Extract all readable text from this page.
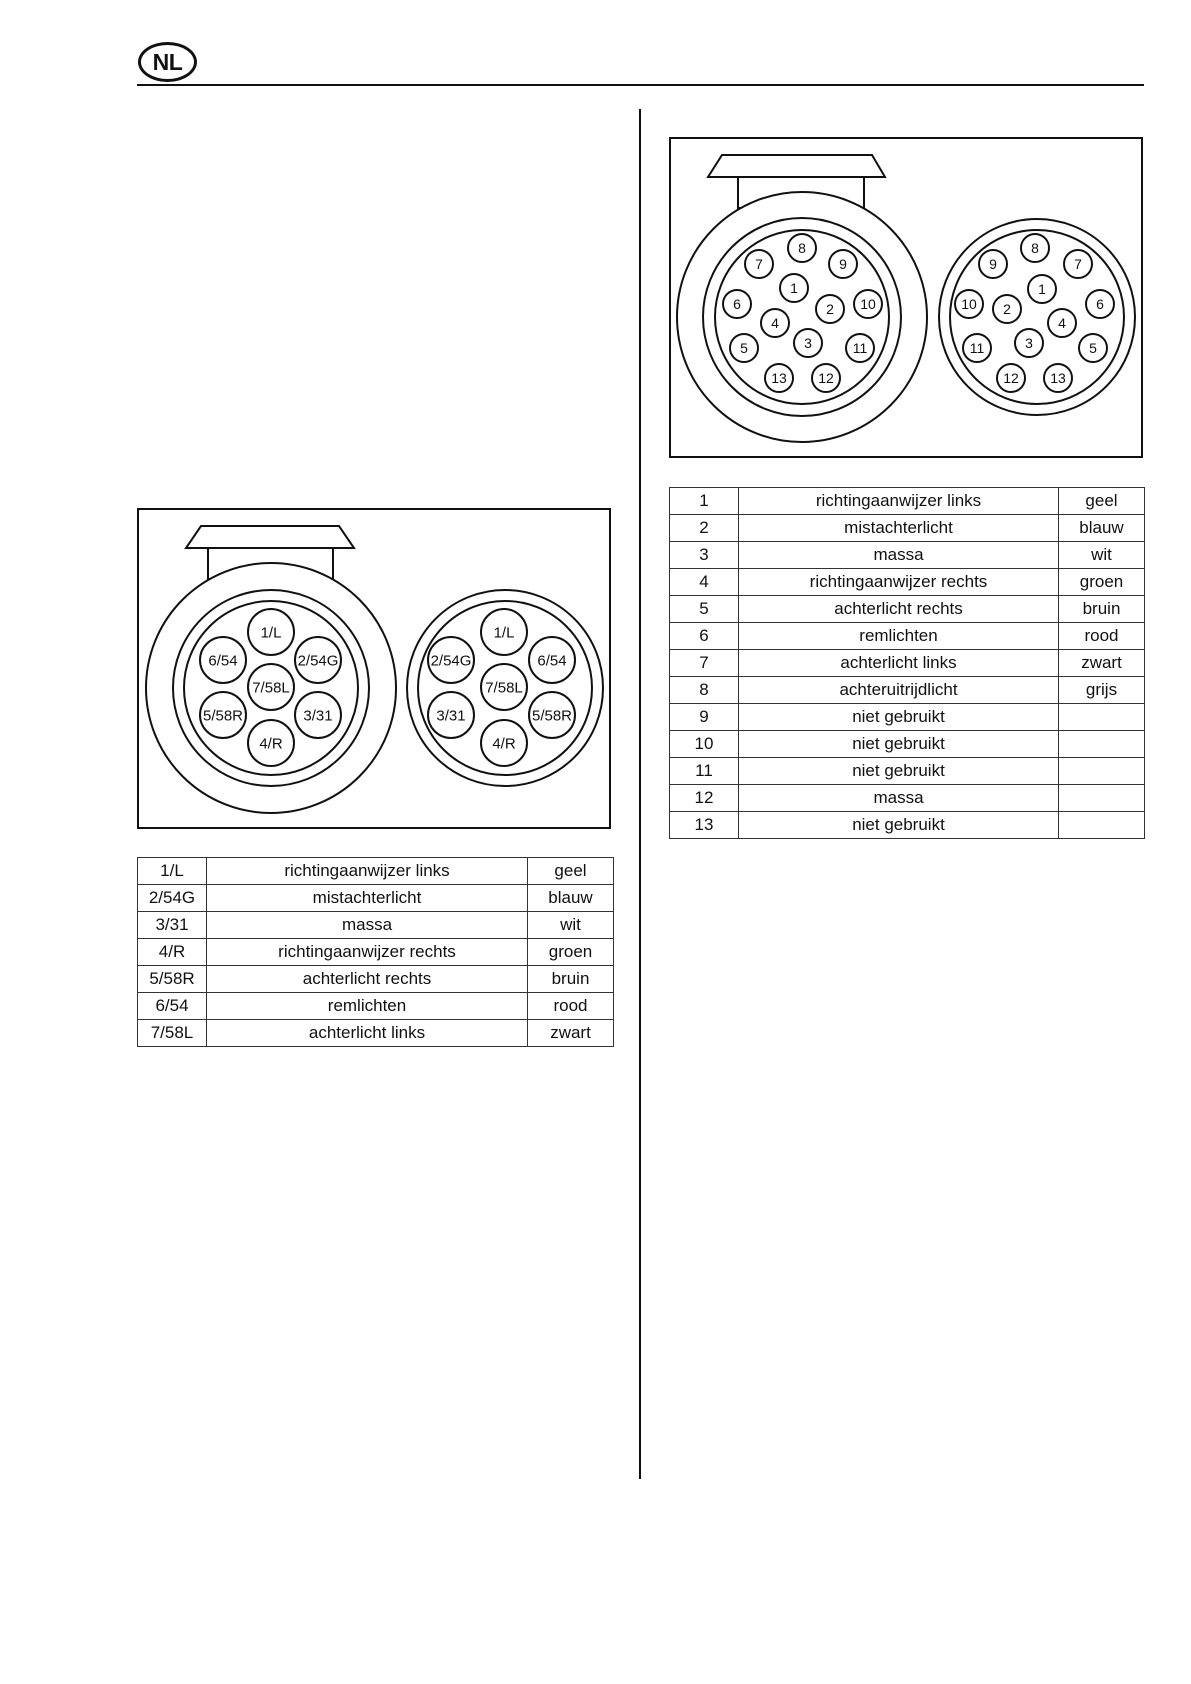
NL
1/L
2/54G
3/31
4/R
5/58R
6/54
7/58L
1/L
2/54G
3/31
4/R
5/58R
6/54
7/58L
1/L	richtingaanwijzer links	geel
2/54G	mistachterlicht	blauw
3/31	massa	wit
4/R	richtingaanwijzer rechts	groen
5/58R	achterlicht rechts	bruin
6/54	remlichten	rood
7/58L	achterlicht links	zwart
1
2
3
4
5
6
7
8
9
10
11
12
13
1
2
3
4
5
6
7
8
9
10
11
12 13
1	richtingaanwijzer links	geel
2	mistachterlicht	blauw
3	massa	wit
4	richtingaanwijzer rechts	groen
5	achterlicht rechts	bruin
6	remlichten	rood
7	achterlicht links	zwart
8	achteruitrijdlicht	grijs
9	niet gebruikt	
10	niet gebruikt	
11	niet gebruikt	
12	massa	
13	niet gebruikt	
